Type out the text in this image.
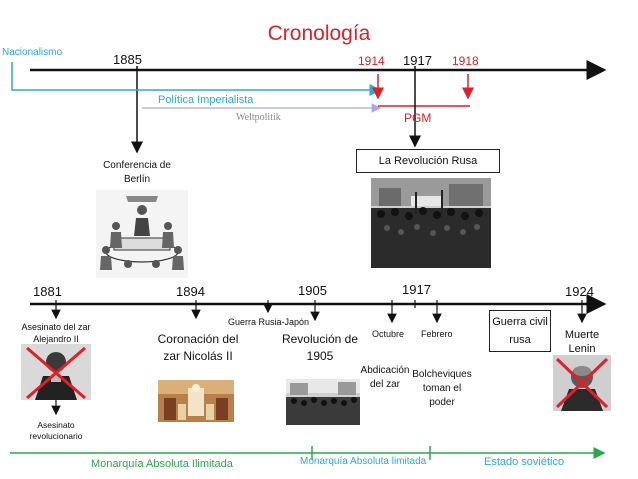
Cronología
Nacionalismo	1885	1914 1917 1918
Política Imperialista
Weltpolitik	PGM
Conferencia de Berlín
La Revolución Rusa
1881	1894	1905	1917	1924
Asesinato del zar Alejandro II	Coronación del zar Nicolás II
Guerra Rusia-Japón
Revolución de 1905
Octubre Febrero
Abdicación del zar
Bolcheviques toman el poder
Guerra civil rusa	Muerte Lenin
Asesinato revolucionario
Monarquía Absoluta Ilimitada	Monarquía Absoluta limitada	Estado soviético
